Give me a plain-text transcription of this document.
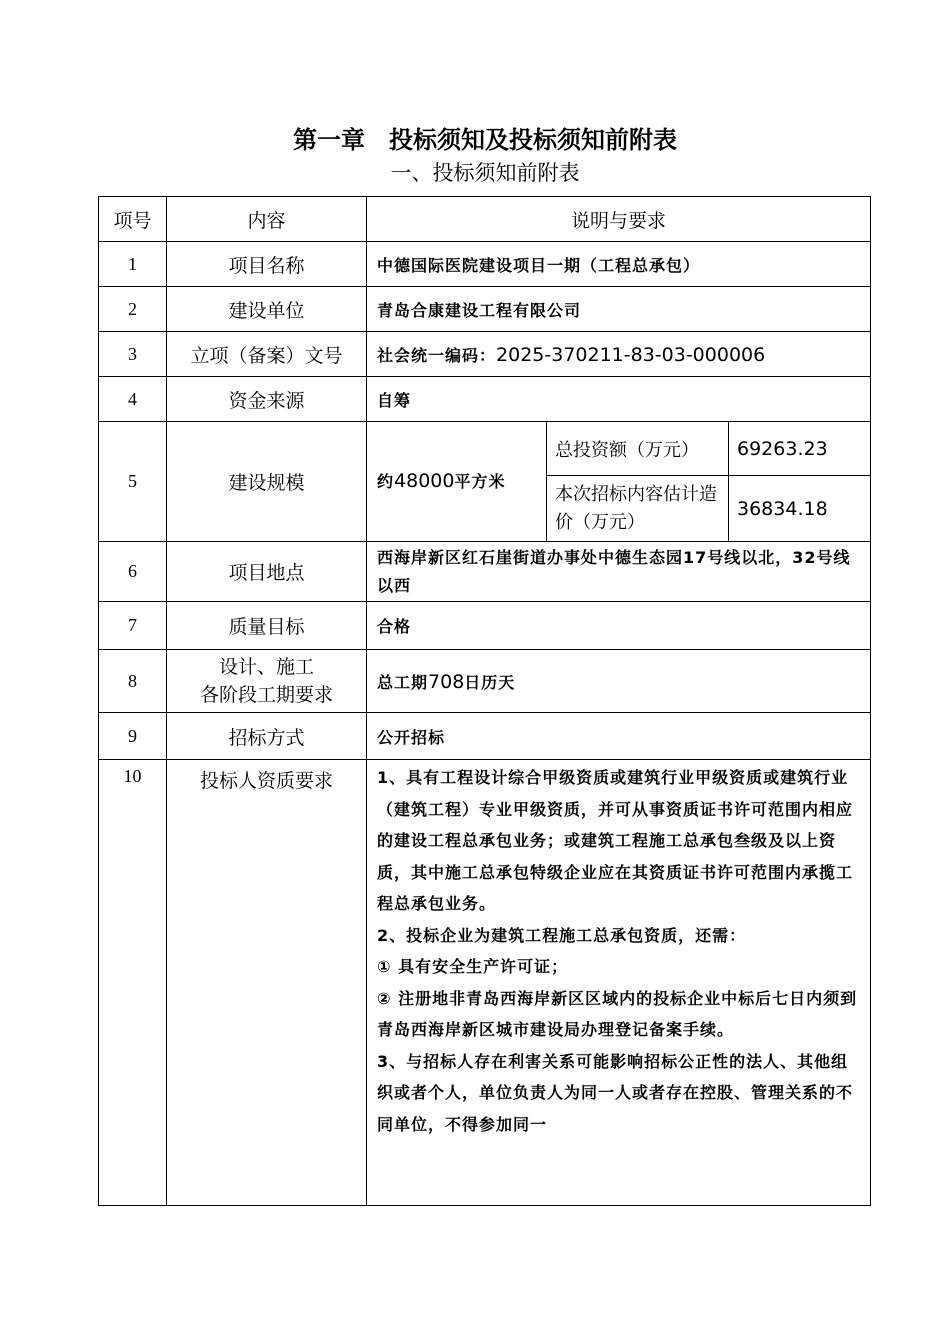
第一章　投标须知及投标须知前附表
一、投标须知前附表
项号	内容	说明与要求		
1	项目名称	中德国际医院建设项目一期（工程总承包）		
2	建设单位	青岛合康建设工程有限公司		
3	立项（备案）文号	社会统一编码：2025-370211-83-03-000006		
4	资金来源	自筹		
5	建设规模	约48000平方米	总投资额（万元）	69263.23
			本次招标内容估计造价（万元）	36834.18
6	项目地点	西海岸新区红石崖街道办事处中德生态园17号线以北，32号线以西		
7	质量目标	合格		
8	设计、施工
各阶段工期要求	总工期708日历天		
9	招标方式	公开招标		
10	投标人资质要求	1、具有工程设计综合甲级资质或建筑行业甲级资质或建筑行业（建筑工程）专业甲级资质，并可从事资质证书许可范围内相应的建设工程总承包业务；或建筑工程施工总承包叁级及以上资质，其中施工总承包特级企业应在其资质证书许可范围内承揽工程总承包业务。

2、投标企业为建筑工程施工总承包资质，还需：

① 具有安全生产许可证；

② 注册地非青岛西海岸新区区域内的投标企业中标后七日内须到青岛西海岸新区城市建设局办理登记备案手续。

3、与招标人存在利害关系可能影响招标公正性的法人、其他组织或者个人，单位负责人为同一人或者存在控股、管理关系的不同单位，不得参加同一		
